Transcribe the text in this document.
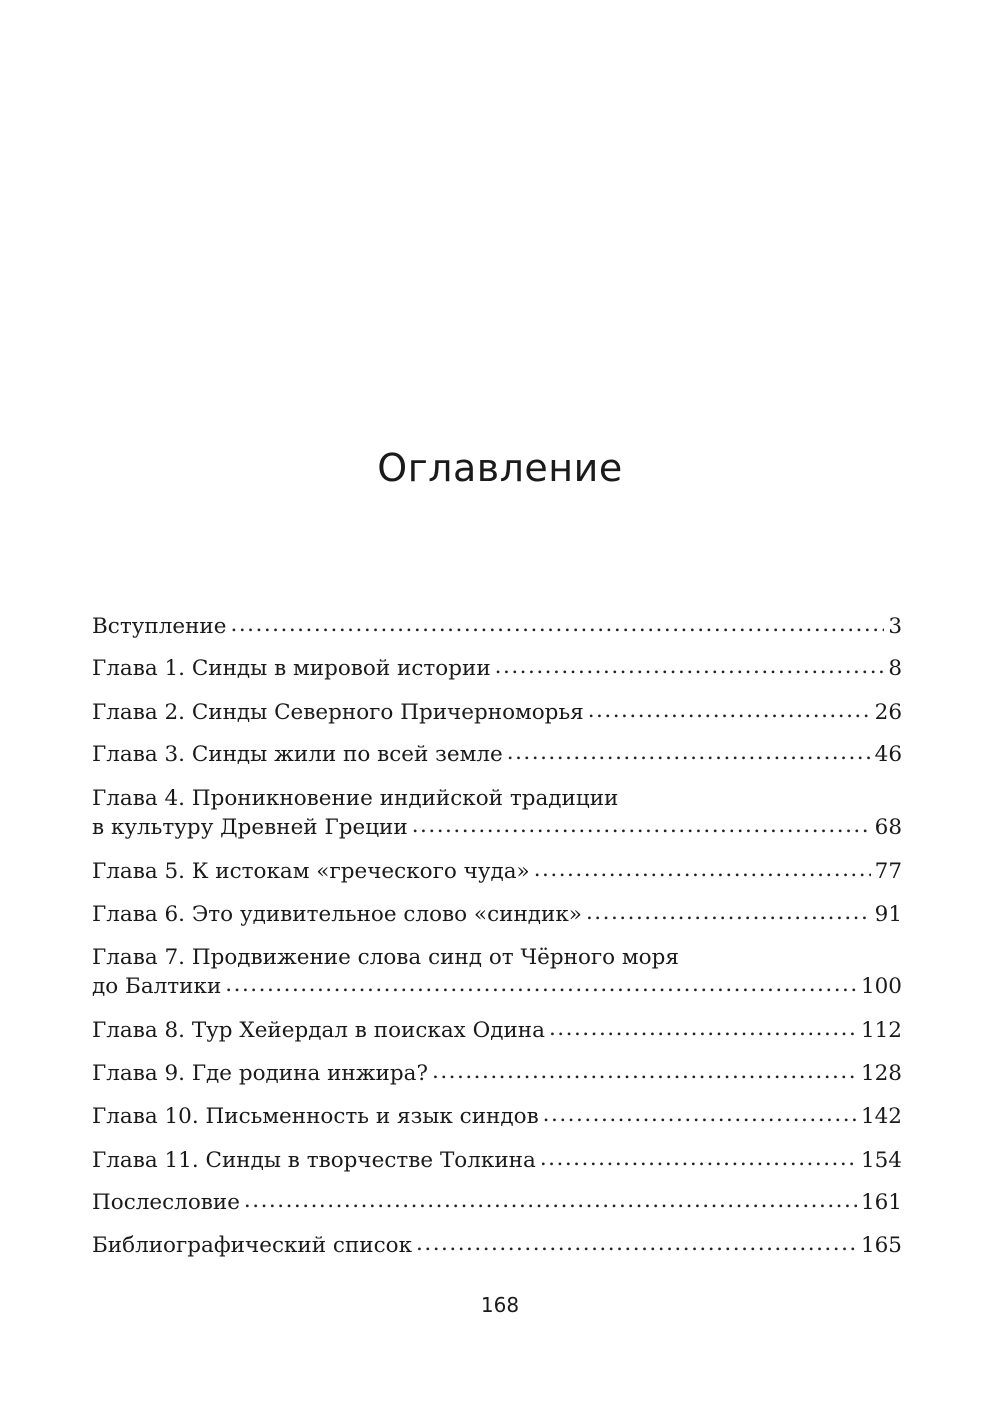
Оглавление
Вступление .....	3
Глава 1. Синды в мировой истории .....	8
Глава 2. Синды Северного Причерноморья .....	26
Глава 3. Синды жили по всей земле .....	46
Глава 4. Проникновение индийской традиции
в культуру Древней Греции .....	68
Глава 5. К истокам «греческого чуда» .....	77
Глава 6. Это удивительное слово «синдик» .....	91
Глава 7. Продвижение слова синд от Чёрного моря
до Балтики .....	100
Глава 8. Тур Хейердал в поисках Одина .....	112
Глава 9. Где родина инжира? .....	128
Глава 10. Письменность и язык синдов .....	142
Глава 11. Синды в творчестве Толкина .....	154
Послесловие .....	161
Библиографический список .....	165
168
